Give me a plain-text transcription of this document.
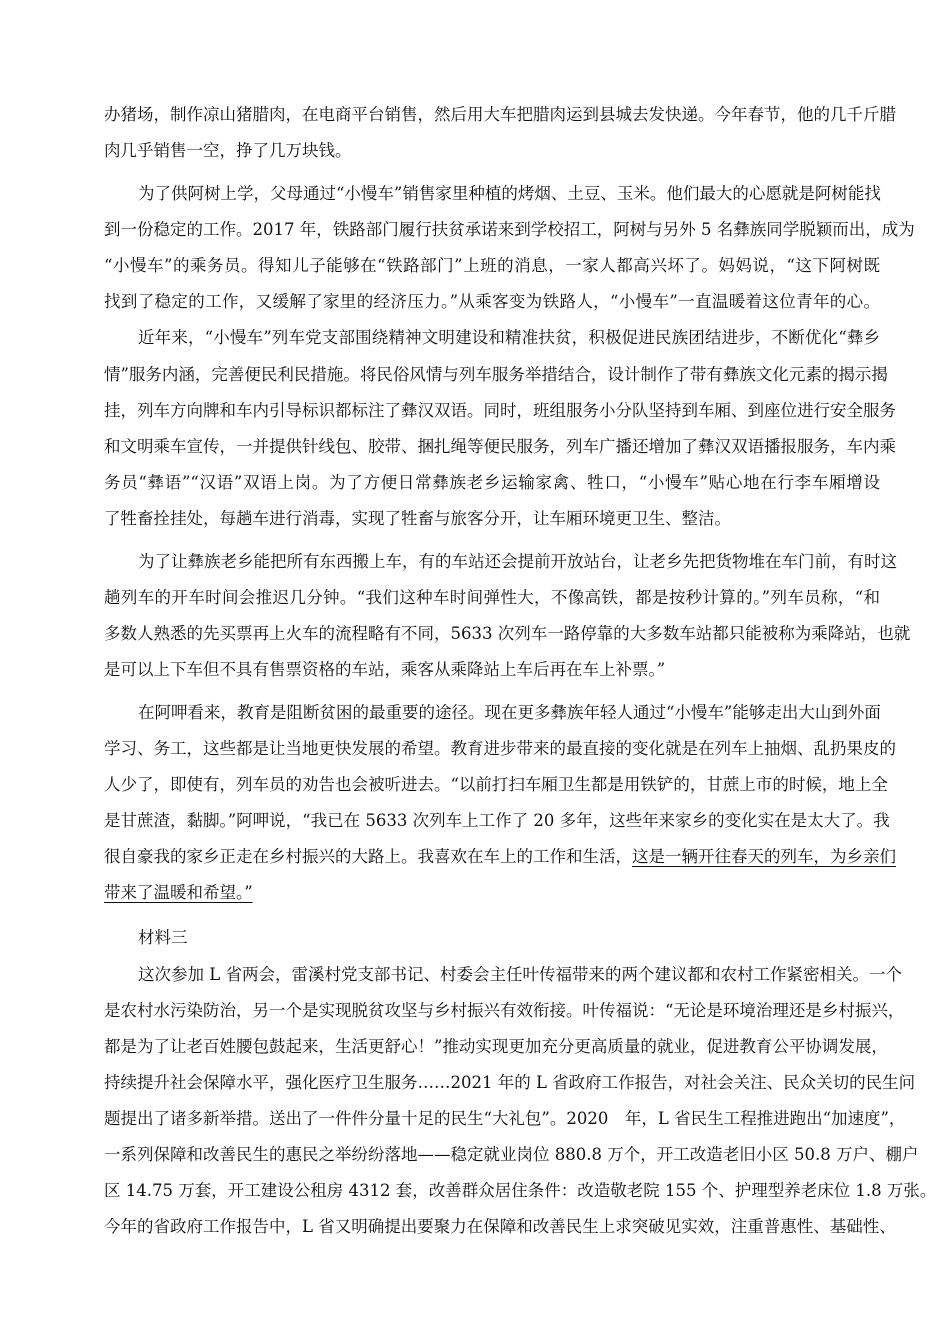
办猪场，制作凉山猪腊肉，在电商平台销售，然后用大车把腊肉运到县城去发快递。今年春节，他的几千斤腊
肉几乎销售一空，挣了几万块钱。
为了供阿树上学，父母通过“小慢车”销售家里种植的烤烟、土豆、玉米。他们最大的心愿就是阿树能找
到一份稳定的工作。2017 年，铁路部门履行扶贫承诺来到学校招工，阿树与另外 5 名彝族同学脱颖而出，成为
“小慢车”的乘务员。得知儿子能够在“铁路部门”上班的消息，一家人都高兴坏了。妈妈说，“这下阿树既
找到了稳定的工作，又缓解了家里的经济压力。”从乘客变为铁路人，“小慢车”一直温暖着这位青年的心。
近年来，“小慢车”列车党支部围绕精神文明建设和精准扶贫，积极促进民族团结进步，不断优化“彝乡
情”服务内涵，完善便民利民措施。将民俗风情与列车服务举措结合，设计制作了带有彝族文化元素的揭示揭
挂，列车方向牌和车内引导标识都标注了彝汉双语。同时，班组服务小分队坚持到车厢、到座位进行安全服务
和文明乘车宣传，一并提供针线包、胶带、捆扎绳等便民服务，列车广播还增加了彝汉双语播报服务，车内乘
务员“彝语”“汉语”双语上岗。为了方便日常彝族老乡运输家禽、牲口，“小慢车”贴心地在行李车厢增设
了牲畜拴挂处，每趟车进行消毒，实现了牲畜与旅客分开，让车厢环境更卫生、整洁。
为了让彝族老乡能把所有东西搬上车，有的车站还会提前开放站台，让老乡先把货物堆在车门前，有时这
趟列车的开车时间会推迟几分钟。“我们这种车时间弹性大，不像高铁，都是按秒计算的。”列车员称，“和
多数人熟悉的先买票再上火车的流程略有不同，5633 次列车一路停靠的大多数车站都只能被称为乘降站，也就
是可以上下车但不具有售票资格的车站，乘客从乘降站上车后再在车上补票。”
在阿呷看来，教育是阻断贫困的最重要的途径。现在更多彝族年轻人通过“小慢车”能够走出大山到外面
学习、务工，这些都是让当地更快发展的希望。教育进步带来的最直接的变化就是在列车上抽烟、乱扔果皮的
人少了，即使有，列车员的劝告也会被听进去。“以前打扫车厢卫生都是用铁铲的，甘蔗上市的时候，地上全
是甘蔗渣，黏脚。”阿呷说，“我已在 5633 次列车上工作了 20 多年，这些年来家乡的变化实在是太大了。我
很自豪我的家乡正走在乡村振兴的大路上。我喜欢在车上的工作和生活，这是一辆开往春天的列车，为乡亲们
带来了温暖和希望。”
材料三
这次参加 L 省两会，雷溪村党支部书记、村委会主任叶传福带来的两个建议都和农村工作紧密相关。一个
是农村水污染防治，另一个是实现脱贫攻坚与乡村振兴有效衔接。叶传福说：“无论是环境治理还是乡村振兴，
都是为了让老百姓腰包鼓起来，生活更舒心！”推动实现更加充分更高质量的就业，促进教育公平协调发展，
持续提升社会保障水平，强化医疗卫生服务……2021 年的 L 省政府工作报告，对社会关注、民众关切的民生问
题提出了诸多新举措。送出了一件件分量十足的民生“大礼包”。2020　年，L 省民生工程推进跑出“加速度”，
一系列保障和改善民生的惠民之举纷纷落地——稳定就业岗位 880.8 万个，开工改造老旧小区 50.8 万户、棚户
区 14.75 万套，开工建设公租房 4312 套，改善群众居住条件：改造敬老院 155 个、护理型养老床位 1.8 万张。
今年的省政府工作报告中，L 省又明确提出要聚力在保障和改善民生上求突破见实效，注重普惠性、基础性、
